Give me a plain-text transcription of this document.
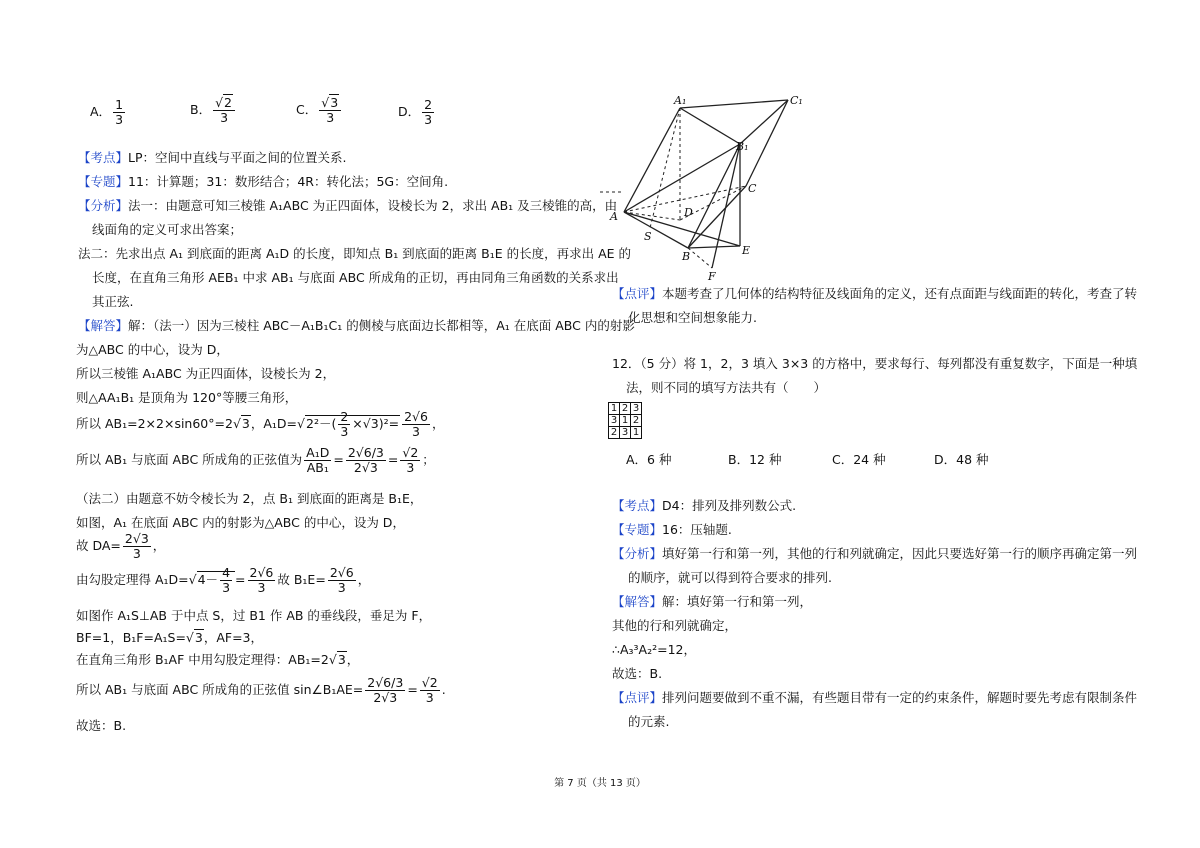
A． $\frac{1}{3}$	B． $\frac{√2}{3}$	C． $\frac{√3}{3}$	D． $\frac{2}{3}$
【考点】LP：空间中直线与平面之间的位置关系.
【专题】11：计算题；31：数形结合；4R：转化法；5G：空间角.
【分析】法一：由题意可知三棱锥 A₁ABC 为正四面体，设棱长为 2，求出 AB₁ 及三棱锥的高，由
线面角的定义可求出答案；
法二：先求出点 A₁ 到底面的距离 A₁D 的长度，即知点 B₁ 到底面的距离 B₁E 的长度，再求出 AE 的
长度，在直角三角形 AEB₁ 中求 AB₁ 与底面 ABC 所成角的正切，再由同角三角函数的关系求出
其正弦.
【解答】解：（法一）因为三棱柱 ABC－A₁B₁C₁ 的侧棱与底面边长都相等，A₁ 在底面 ABC 内的射影
为△ABC 的中心，设为 D，
所以三棱锥 A₁ABC 为正四面体，设棱长为 2，
则△AA₁B₁ 是顶角为 120°等腰三角形，
所以 AB₁=2×2×sin60°=2√3，$A_1D=√2^2-( \frac{2}{3} \times√3)^2= \frac{2√6}{3}$ ，
所以 AB₁ 与底面 ABC 所成角的正弦值为 $\frac{\text{A₁D}}{\text{AB₁}} = \frac{2√6/3}{2√3} = \frac{√2}{3}$ ；
（法二）由题意不妨令棱长为 2，点 B₁ 到底面的距离是 B₁E，
如图，A₁ 在底面 ABC 内的射影为△ABC 的中心，设为 D，
故 $DA= \frac{2√3}{3}$ ，
由勾股定理得 $A_1D=√4- \frac{4}{3} = \frac{2√6}{3}$ 故 $B_1E= \frac{2√6}{3}$ ，
如图作 A₁S⊥AB 于中点 S，过 B1 作 AB 的垂线段，垂足为 F，
BF=1，B₁F=A₁S=√3，AF=3，
在直角三角形 B₁AF 中用勾股定理得：AB₁=2√3，
所以 AB₁ 与底面 ABC 所成角的正弦值 sin∠B₁AE= $\frac{2√6/3}{2√3} = \frac{√2}{3}$ .
故选：B.
A₁	C₁
B₁
C
D
A
S
B	E
F
【点评】本题考查了几何体的结构特征及线面角的定义，还有点面距与线面距的转化，考查了转
化思想和空间想象能力.
12．（5 分）将 1，2，3 填入 3×3 的方格中，要求每行、每列都没有重复数字，下面是一种填
法，则不同的填写方法共有（　　）
1	2	3
3	1	2
2	3	1
A．6 种	B．12 种	C．24 种	D．48 种
【考点】D4：排列及排列数公式.
【专题】16：压轴题.
【分析】填好第一行和第一列，其他的行和列就确定，因此只要选好第一行的顺序再确定第一列
的顺序，就可以得到符合要求的排列.
【解答】解：填好第一行和第一列，
其他的行和列就确定，
∴A₃³A₂²=12，
故选：B.
【点评】排列问题要做到不重不漏，有些题目带有一定的约束条件，解题时要先考虑有限制条件
的元素.
第 7 页（共 13 页）
